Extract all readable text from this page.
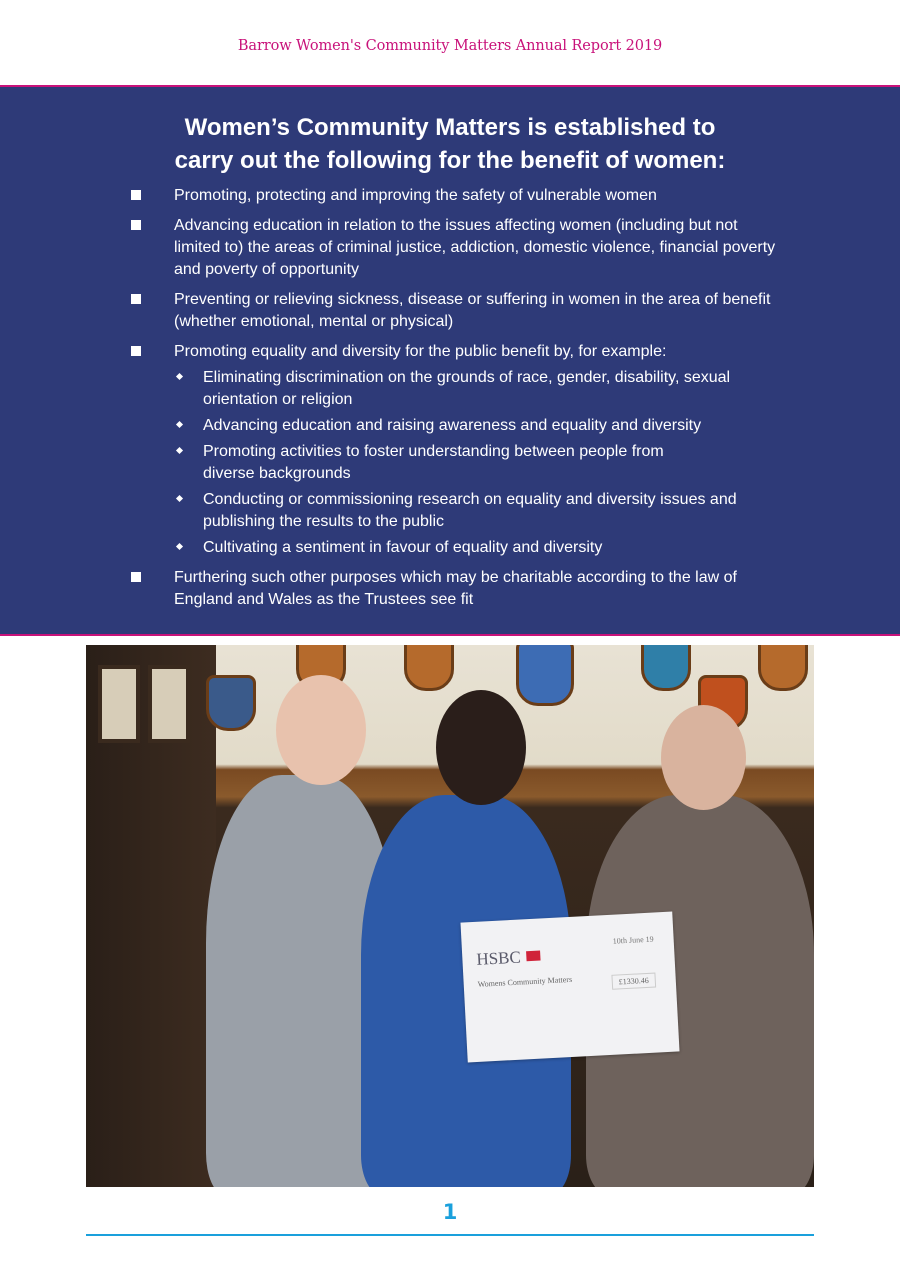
Barrow Women's Community Matters Annual Report 2019
Women’s Community Matters is established to
carry out the following for the benefit of women:
Promoting, protecting and improving the safety of vulnerable women
Advancing education in relation to the issues affecting women (including but not limited to) the areas of criminal justice, addiction, domestic violence, financial poverty and poverty of opportunity
Preventing or relieving sickness, disease or suffering in women in the area of benefit (whether emotional, mental or physical)
Promoting equality and diversity for the public benefit by, for example:
Eliminating discrimination on the grounds of race, gender, disability, sexual orientation or religion
Advancing education and raising awareness and equality and diversity
Promoting activities to foster understanding between people from diverse backgrounds
Conducting or commissioning research on equality and diversity issues and publishing the results to the public
Cultivating a sentiment in favour of equality and diversity
Furthering such other purposes which may be charitable according to the law of England and Wales as the Trustees see fit
HSBC
10th June 19
Womens Community Matters	£1330.46
1
